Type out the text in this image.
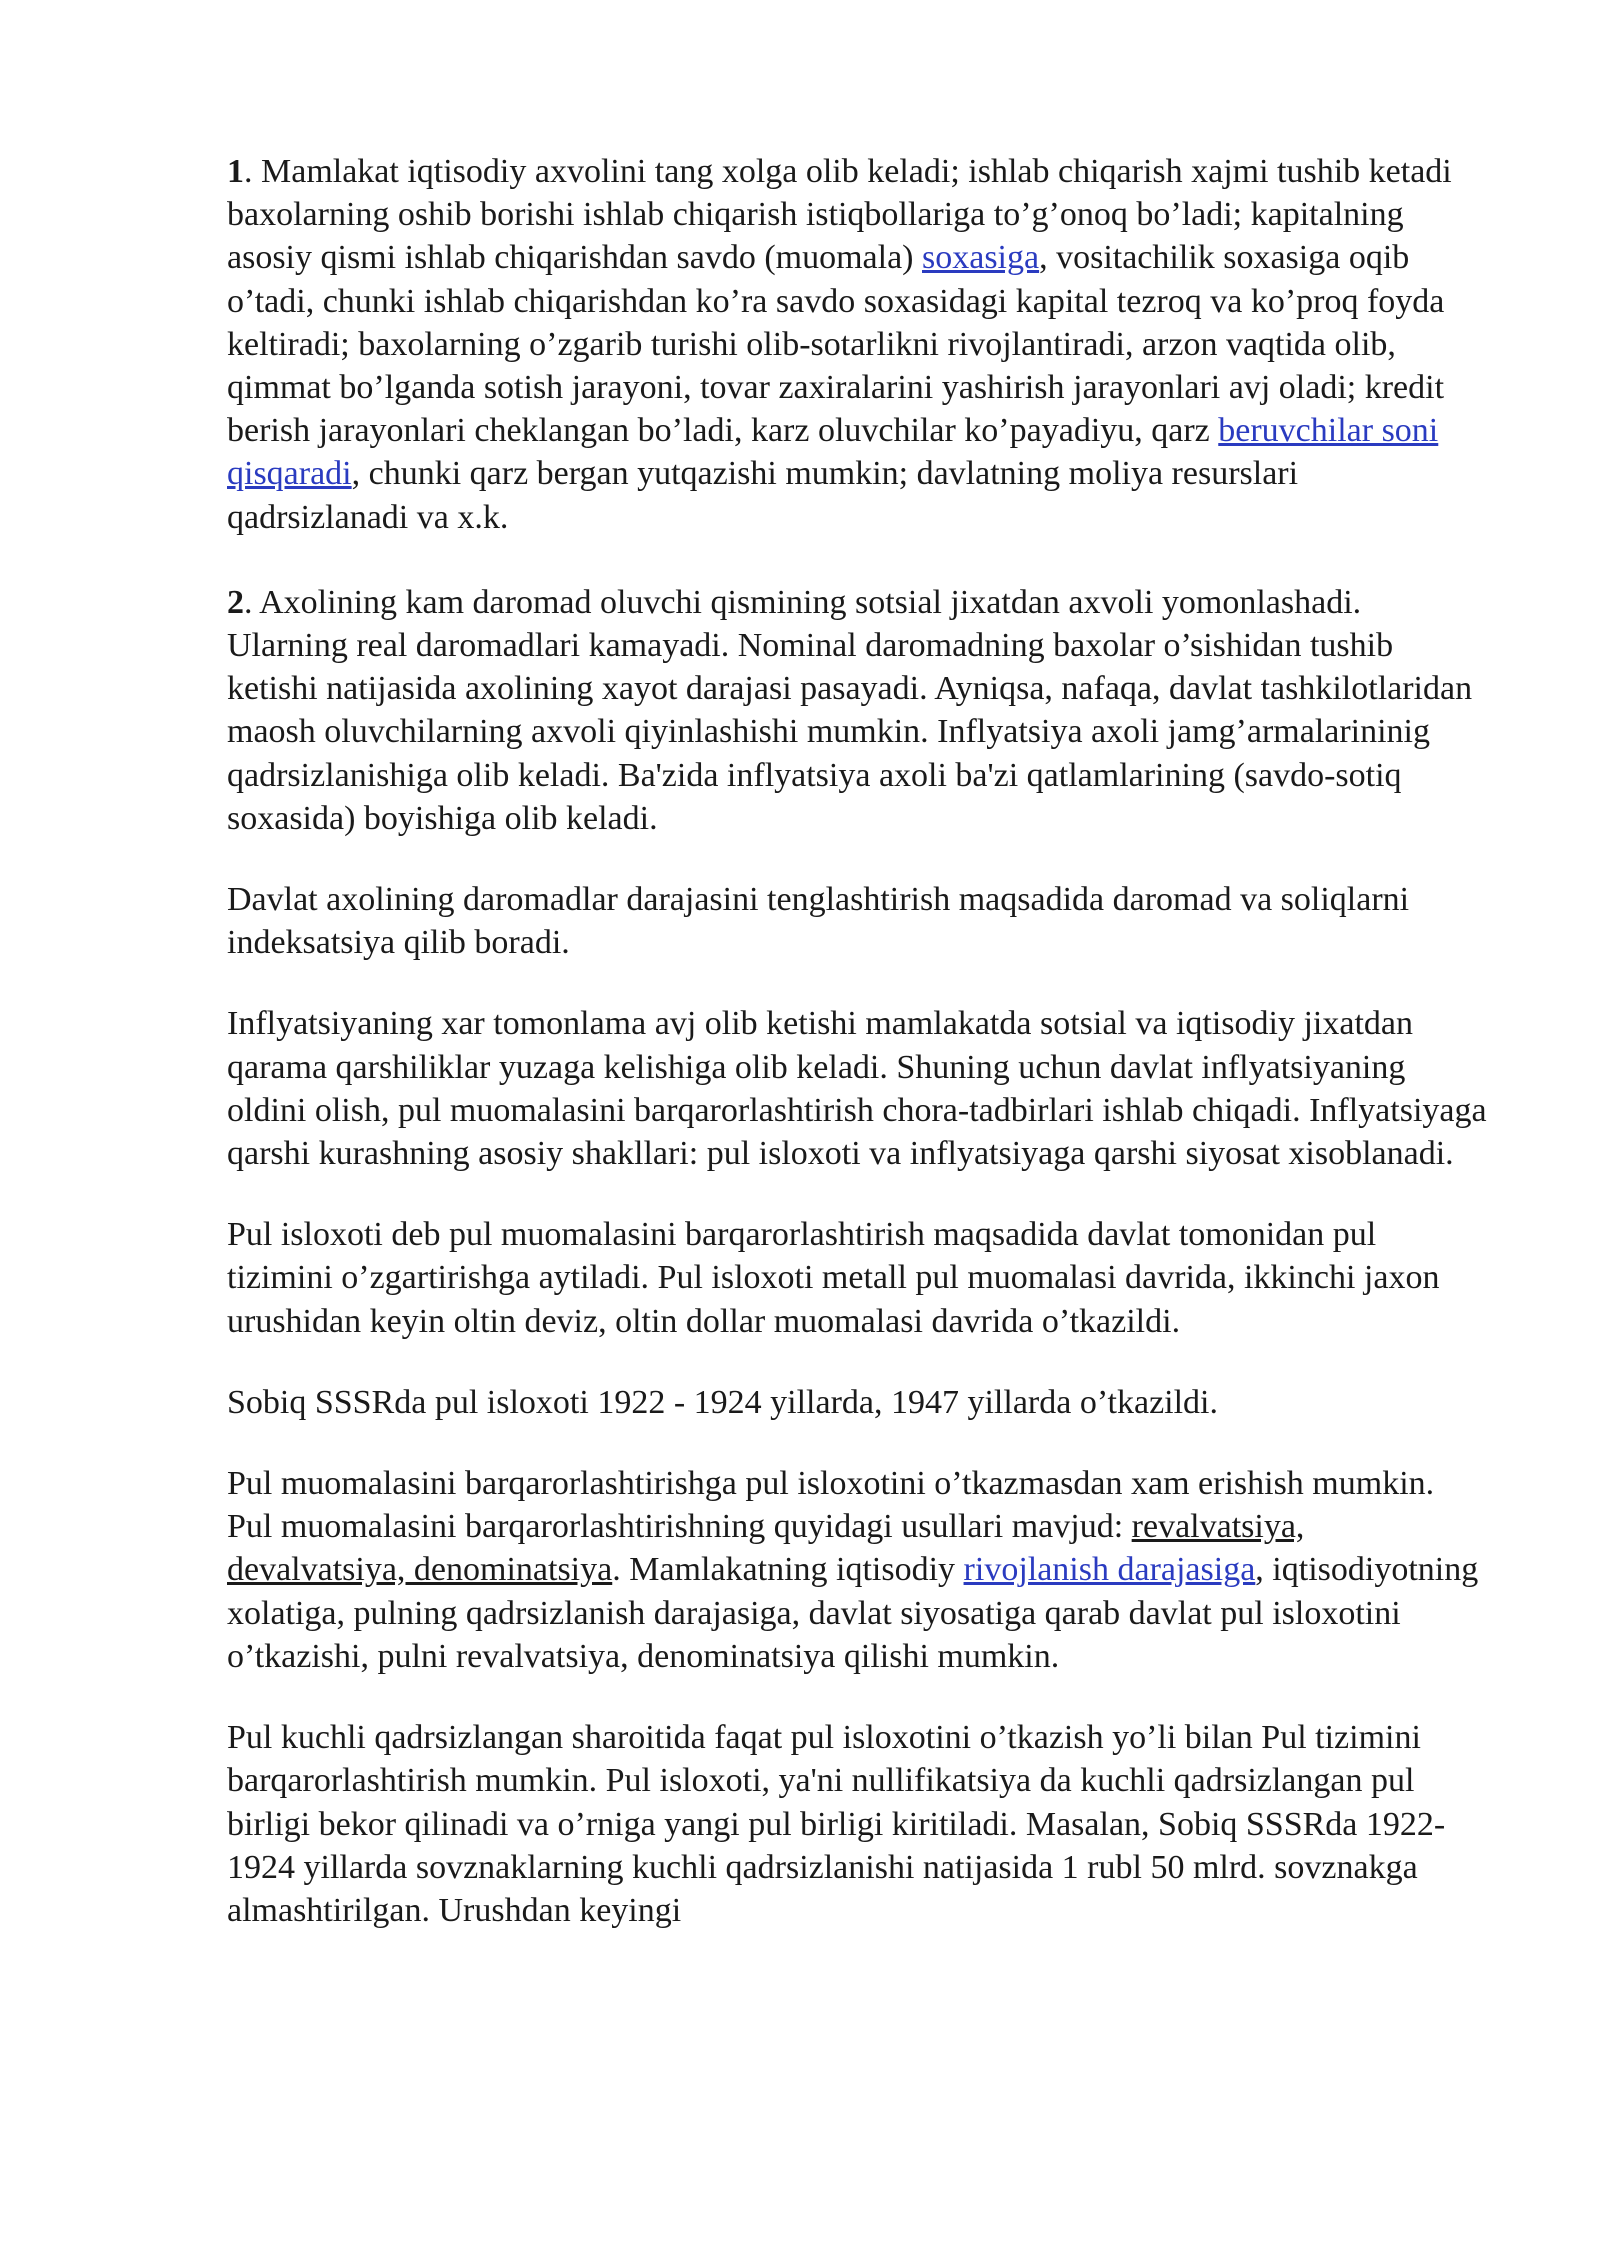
1. Mamlakat iqtisodiy axvolini tang xolga olib keladi; ishlab chiqarish xajmi tushib ketadi baxolarning oshib borishi ishlab chiqarish istiqbollariga to’g’onoq bo’ladi; kapitalning asosiy qismi ishlab chiqarishdan savdo (muomala) soxasiga, vositachilik soxasiga oqib o’tadi, chunki ishlab chiqarishdan ko’ra savdo soxasidagi kapital tezroq va ko’proq foyda keltiradi; baxolarning o’zgarib turishi olib-sotarlikni rivojlantiradi, arzon vaqtida olib, qimmat bo’lganda sotish jarayoni, tovar zaxiralarini yashirish jarayonlari avj oladi; kredit berish jarayonlari cheklangan bo’ladi, karz oluvchilar ko’payadiyu, qarz beruvchilar soni qisqaradi, chunki qarz bergan yutqazishi mumkin; davlatning moliya resurslari qadrsizlanadi va x.k.

2. Axolining kam daromad oluvchi qismining sotsial jixatdan axvoli yomonlashadi. Ularning real daromadlari kamayadi. Nominal daromadning baxolar o’sishidan tushib ketishi natijasida axolining xayot darajasi pasayadi. Ayniqsa, nafaqa, davlat tashkilotlaridan maosh oluvchilarning axvoli qiyinlashishi mumkin. Inflyatsiya axoli jamg’armalarininig qadrsizlanishiga olib keladi. Ba'zida inflyatsiya axoli ba'zi qatlamlarining (savdo-sotiq soxasida) boyishiga olib keladi.

Davlat axolining daromadlar darajasini tenglashtirish maqsadida daromad va soliqlarni indeksatsiya qilib boradi.

Inflyatsiyaning xar tomonlama avj olib ketishi mamlakatda sotsial va iqtisodiy jixatdan qarama qarshiliklar yuzaga kelishiga olib keladi. Shuning uchun davlat inflyatsiyaning oldini olish, pul muomalasini barqarorlashtirish chora-tadbirlari ishlab chiqadi. Inflyatsiyaga qarshi kurashning asosiy shakllari: pul isloxoti va inflyatsiyaga qarshi siyosat xisoblanadi.

Pul isloxoti deb pul muomalasini barqarorlashtirish maqsadida davlat tomonidan pul tizimini o’zgartirishga aytiladi. Pul isloxoti metall pul muomalasi davrida, ikkinchi jaxon urushidan keyin oltin deviz, oltin dollar muomalasi davrida o’tkazildi.

Sobiq SSSRda pul isloxoti 1922 - 1924 yillarda, 1947 yillarda o’tkazildi.

Pul muomalasini barqarorlashtirishga pul isloxotini o’tkazmasdan xam erishish mumkin. Pul muomalasini barqarorlashtirishning quyidagi usullari mavjud: revalvatsiya, devalvatsiya, denominatsiya. Mamlakatning iqtisodiy rivojlanish darajasiga, iqtisodiyotning xolatiga, pulning qadrsizlanish darajasiga, davlat siyosatiga qarab davlat pul isloxotini o’tkazishi, pulni revalvatsiya, denominatsiya qilishi mumkin.

Pul kuchli qadrsizlangan sharoitida faqat pul isloxotini o’tkazish yo’li bilan Pul tizimini barqarorlashtirish mumkin. Pul isloxoti, ya'ni nullifikatsiya da kuchli qadrsizlangan pul birligi bekor qilinadi va o’rniga yangi pul birligi kiritiladi. Masalan, Sobiq SSSRda 1922-1924 yillarda sovznaklarning kuchli qadrsizlanishi natijasida 1 rubl 50 mlrd. sovznakga almashtirilgan. Urushdan keyingi
